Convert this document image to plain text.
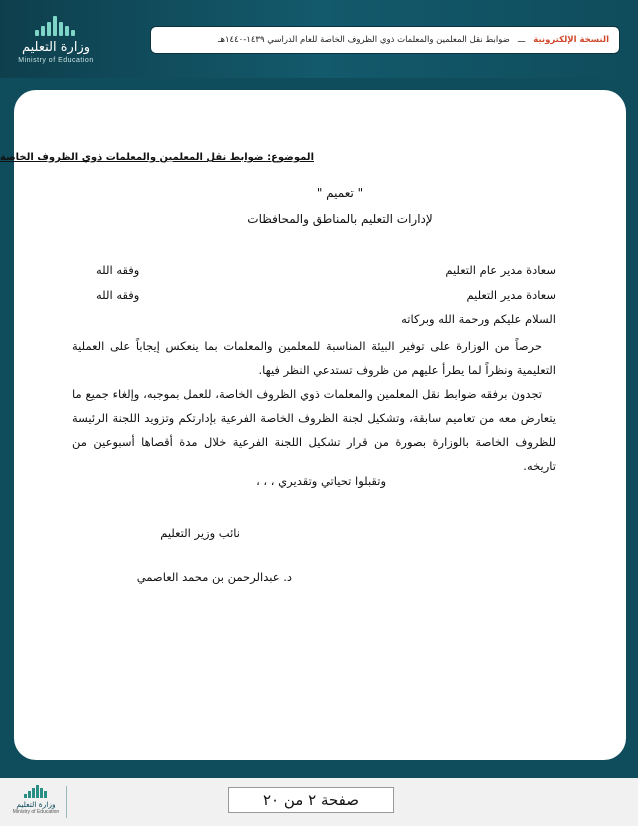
وزارة التعليم
Ministry of Education
النسخة الإلكترونية
ـــ
ضوابط نقل المعلمين والمعلمات ذوي الظروف الخاصة للعام الدراسي ١٤٣٩-١٤٤٠هـ
الموضوع: ضوابط نقل المعلمين والمعلمات ذوي الظروف الخاصة
" تعميم "
لإدارات التعليم بالمناطق والمحافظات
سعادة مدير عام التعليم
وفقه الله
سعادة مدير التعليم
وفقه الله
السلام عليكم ورحمة الله وبركاته

حرصاً من الوزارة على توفير البيئة المناسبة للمعلمين والمعلمات بما ينعكس إيجاباً على العملية التعليمية ونظراً لما يطرأ عليهم من ظروف تستدعي النظر فيها.

تجدون برفقه ضوابط نقل المعلمين والمعلمات ذوي الظروف الخاصة، للعمل بموجبه، وإلغاء جميع ما يتعارض معه من تعاميم سابقة، وتشكيل لجنة الظروف الخاصة الفرعية بإدارتكم وتزويد اللجنة الرئيسة للظروف الخاصة بالوزارة بصورة من قرار تشكيل اللجنة الفرعية خلال مدة أقصاها أسبوعين من تاريخه.

وتقبلوا تحياتي وتقديري ، ، ،
نائب وزير التعليم
د. عبدالرحمن بن محمد العاصمي
وزارة التعليم
Ministry of Education
صفحة ٢ من ٢٠
